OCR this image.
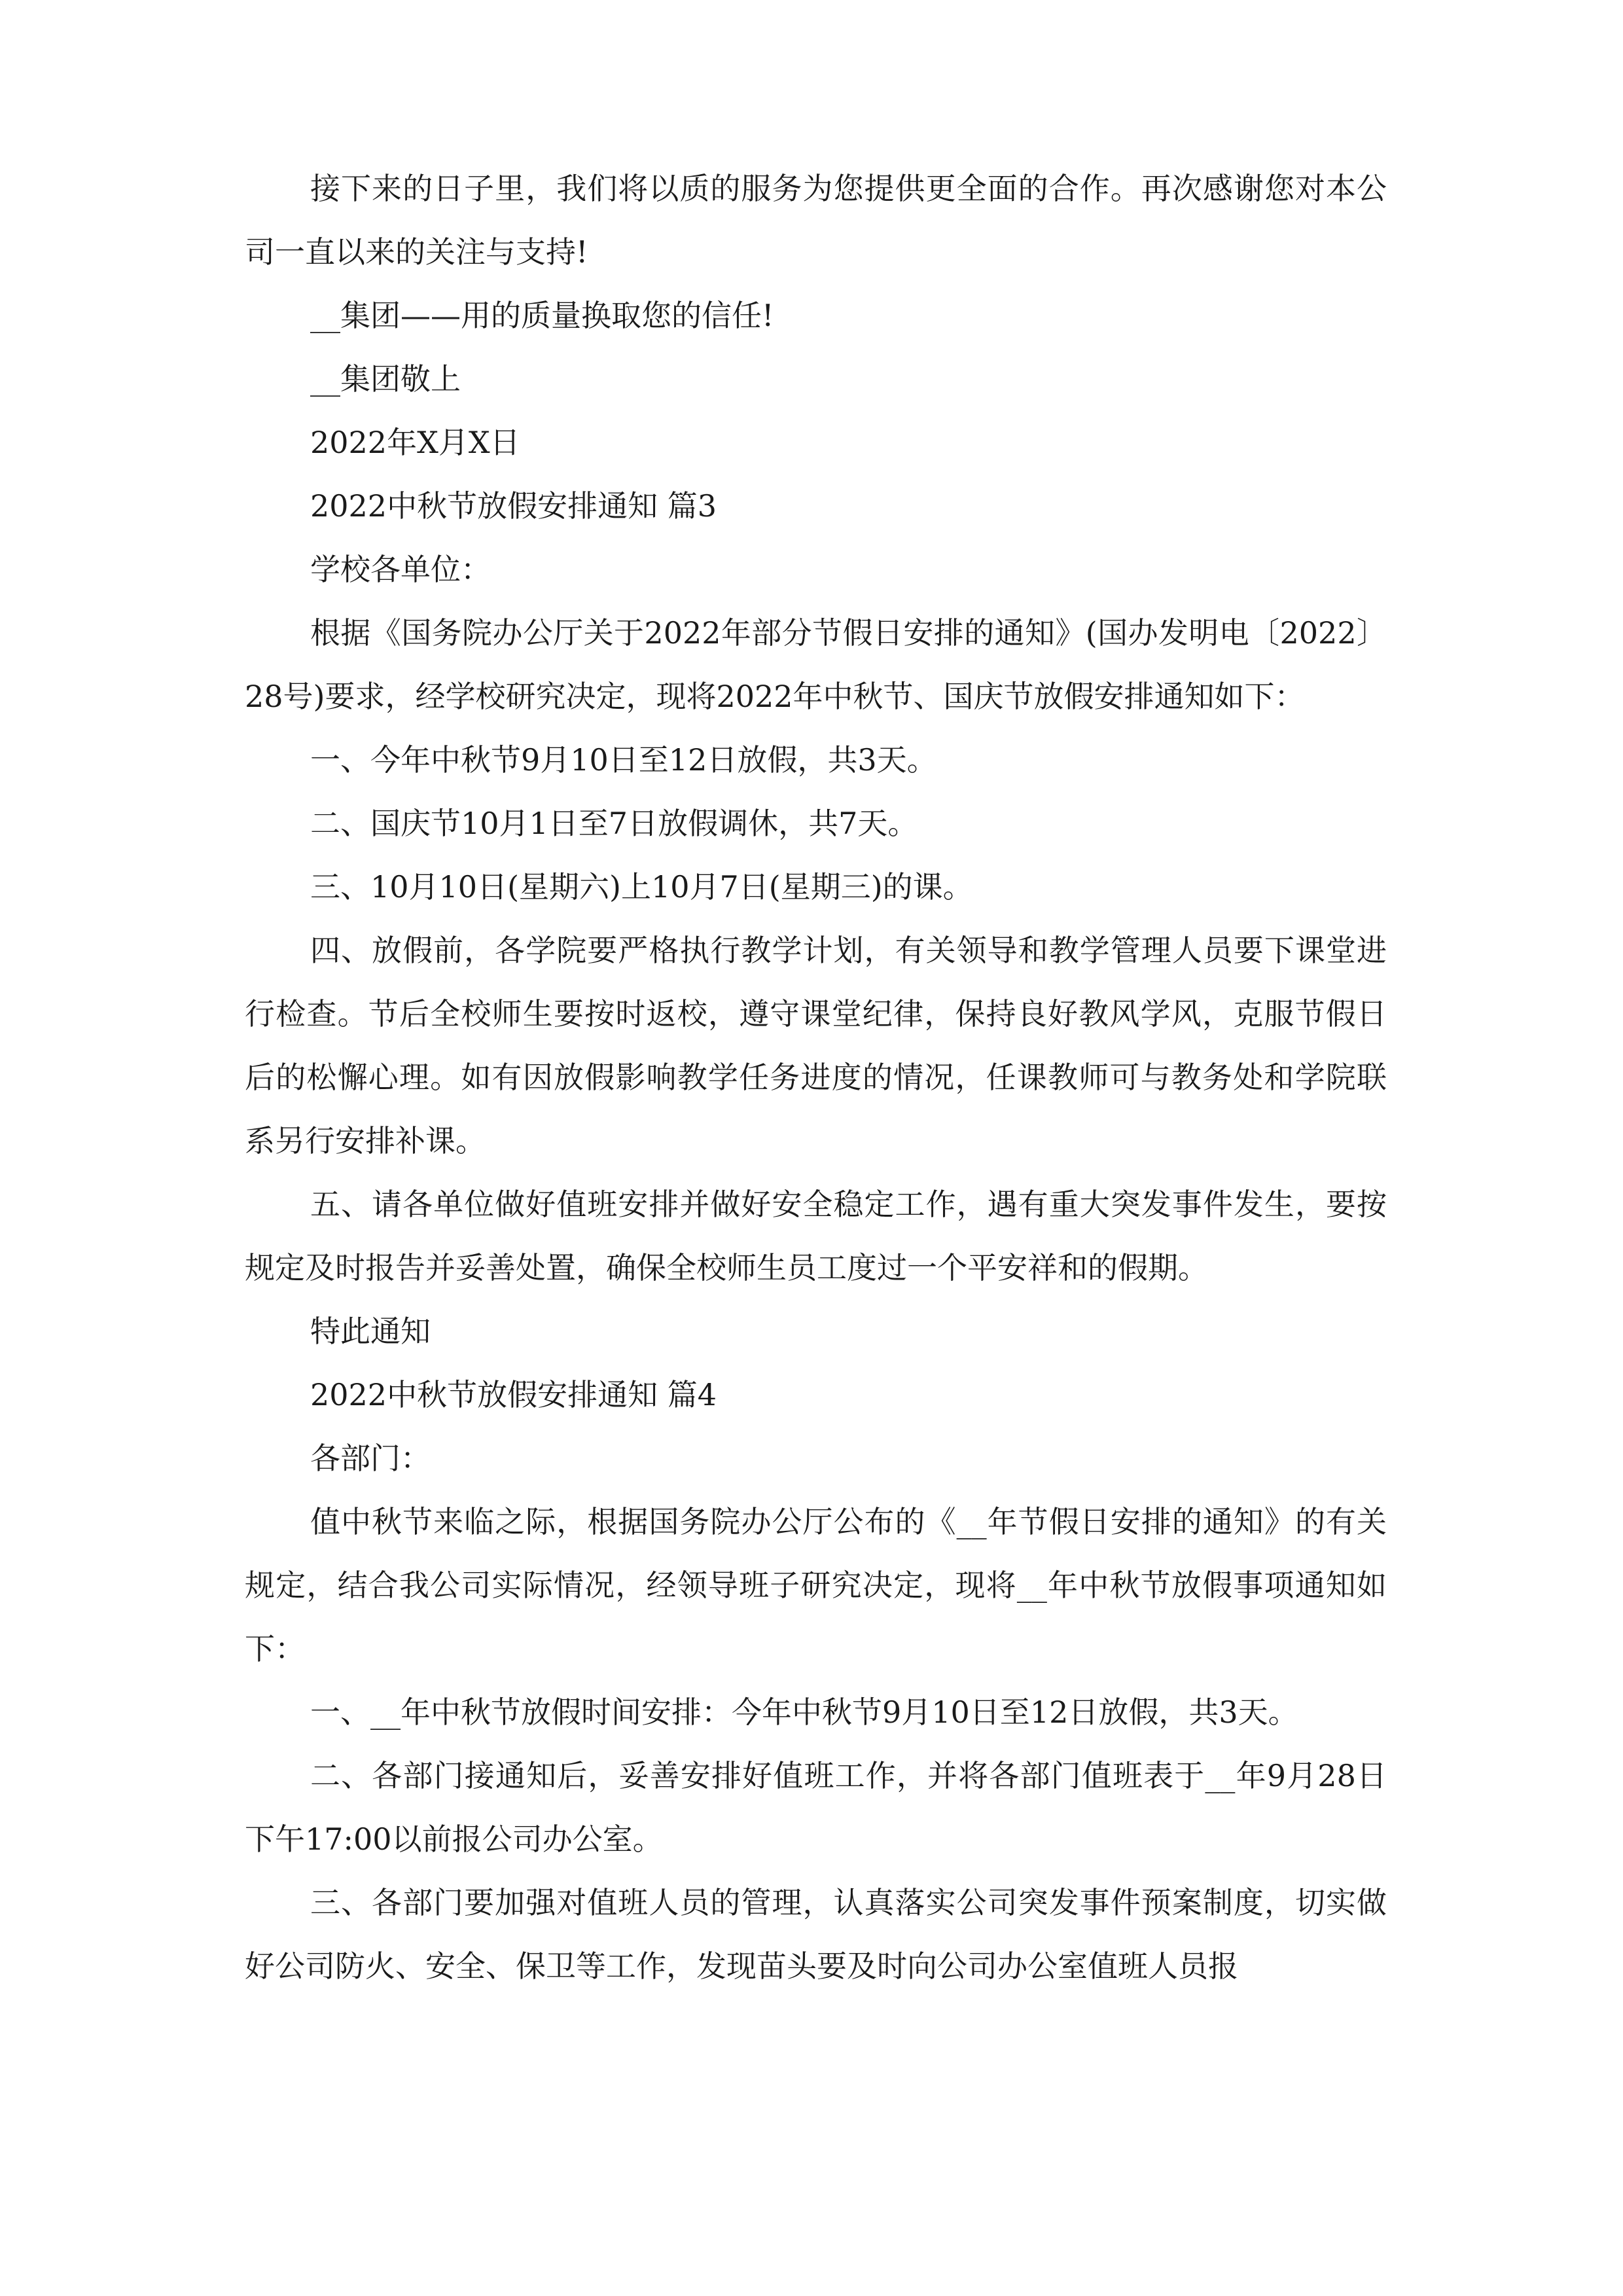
接下来的日子里，我们将以质的服务为您提供更全面的合作。再次感谢您对本公司一直以来的关注与支持!

__集团——用的质量换取您的信任!

__集团敬上

2022年X月X日

2022中秋节放假安排通知 篇3

学校各单位：

根据《国务院办公厅关于2022年部分节假日安排的通知》(国办发明电〔2022〕28号)要求，经学校研究决定，现将2022年中秋节、国庆节放假安排通知如下：

一、今年中秋节9月10日至12日放假，共3天。

二、国庆节10月1日至7日放假调休，共7天。

三、10月10日(星期六)上10月7日(星期三)的课。

四、放假前，各学院要严格执行教学计划，有关领导和教学管理人员要下课堂进行检查。节后全校师生要按时返校，遵守课堂纪律，保持良好教风学风，克服节假日后的松懈心理。如有因放假影响教学任务进度的情况，任课教师可与教务处和学院联系另行安排补课。

五、请各单位做好值班安排并做好安全稳定工作，遇有重大突发事件发生，要按规定及时报告并妥善处置，确保全校师生员工度过一个平安祥和的假期。

特此通知

2022中秋节放假安排通知 篇4

各部门：

值中秋节来临之际，根据国务院办公厅公布的《__年节假日安排的通知》的有关规定，结合我公司实际情况，经领导班子研究决定，现将__年中秋节放假事项通知如下：

一、__年中秋节放假时间安排：今年中秋节9月10日至12日放假，共3天。

二、各部门接通知后，妥善安排好值班工作，并将各部门值班表于__年9月28日下午17:00以前报公司办公室。

三、各部门要加强对值班人员的管理，认真落实公司突发事件预案制度，切实做好公司防火、安全、保卫等工作，发现苗头要及时向公司办公室值班人员报
